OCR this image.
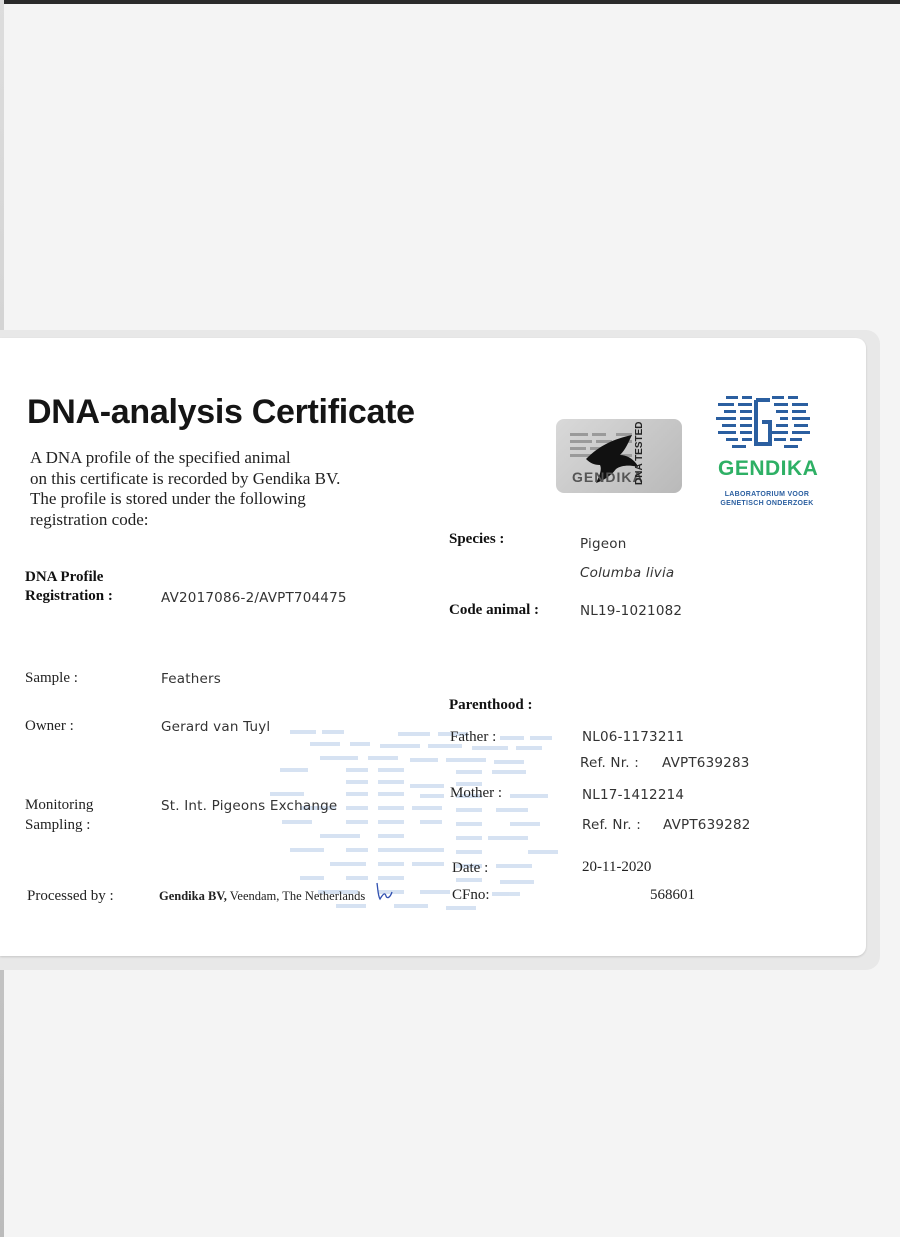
DNA-analysis Certificate
A DNA profile of the specified animal
on this certificate is recorded by Gendika BV.
The profile is stored under the following
registration code:
GENDIKA
DNA TESTED	GENDIKA
LABORATORIUM VOOR
GENETISCH ONDERZOEK
DNA Profile
Registration :	AV2017086-2/AVPT704475
Sample :	Feathers
Owner :	Gerard van Tuyl
Monitoring
Sampling :
St. Int. Pigeons Exchange
Processed by :	Gendika BV, Veendam, The Netherlands
Species :	Pigeon
Columba livia
Code animal :	NL19-1021082
Parenthood :
Father :	NL06-1173211
Ref. Nr. : AVPT639283
Mother :	NL17-1412214
Ref. Nr. : AVPT639282
Date :	20-11-2020
CFno:	568601
